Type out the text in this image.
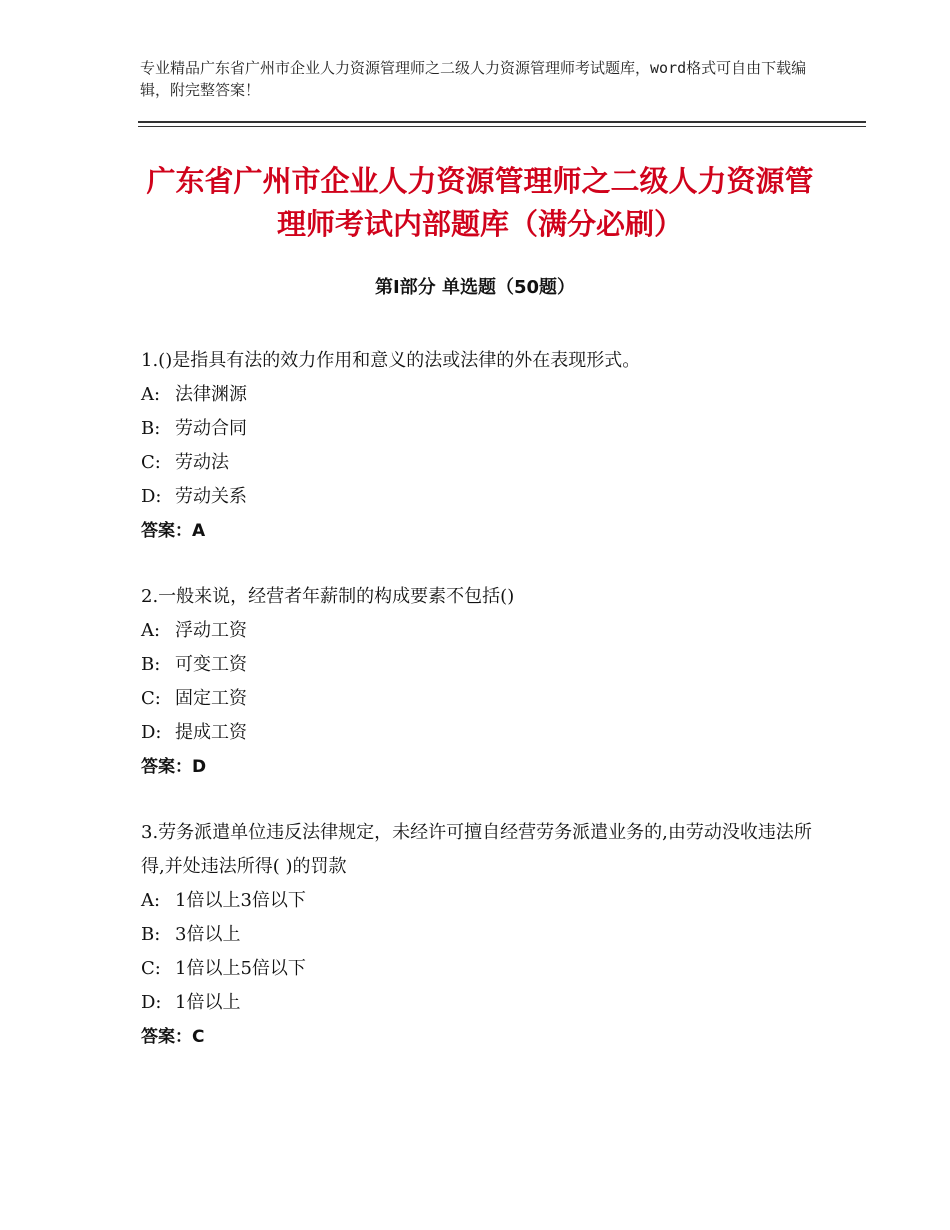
专业精品广东省广州市企业人力资源管理师之二级人力资源管理师考试题库，word格式可自由下载编辑，附完整答案！
广东省广州市企业人力资源管理师之二级人力资源管理师考试内部题库（满分必刷）
第Ⅰ部分 单选题（50题）
1.()是指具有法的效力作用和意义的法或法律的外在表现形式。
A: 法律渊源
B: 劳动合同
C: 劳动法
D: 劳动关系
答案：A
2.一般来说，经营者年薪制的构成要素不包括()
A: 浮动工资
B: 可变工资
C: 固定工资
D: 提成工资
答案：D
3.劳务派遣单位违反法律规定，未经许可擅自经营劳务派遣业务的,由劳动没收违法所得,并处违法所得( )的罚款
A: 1倍以上3倍以下
B: 3倍以上
C: 1倍以上5倍以下
D: 1倍以上
答案：C
